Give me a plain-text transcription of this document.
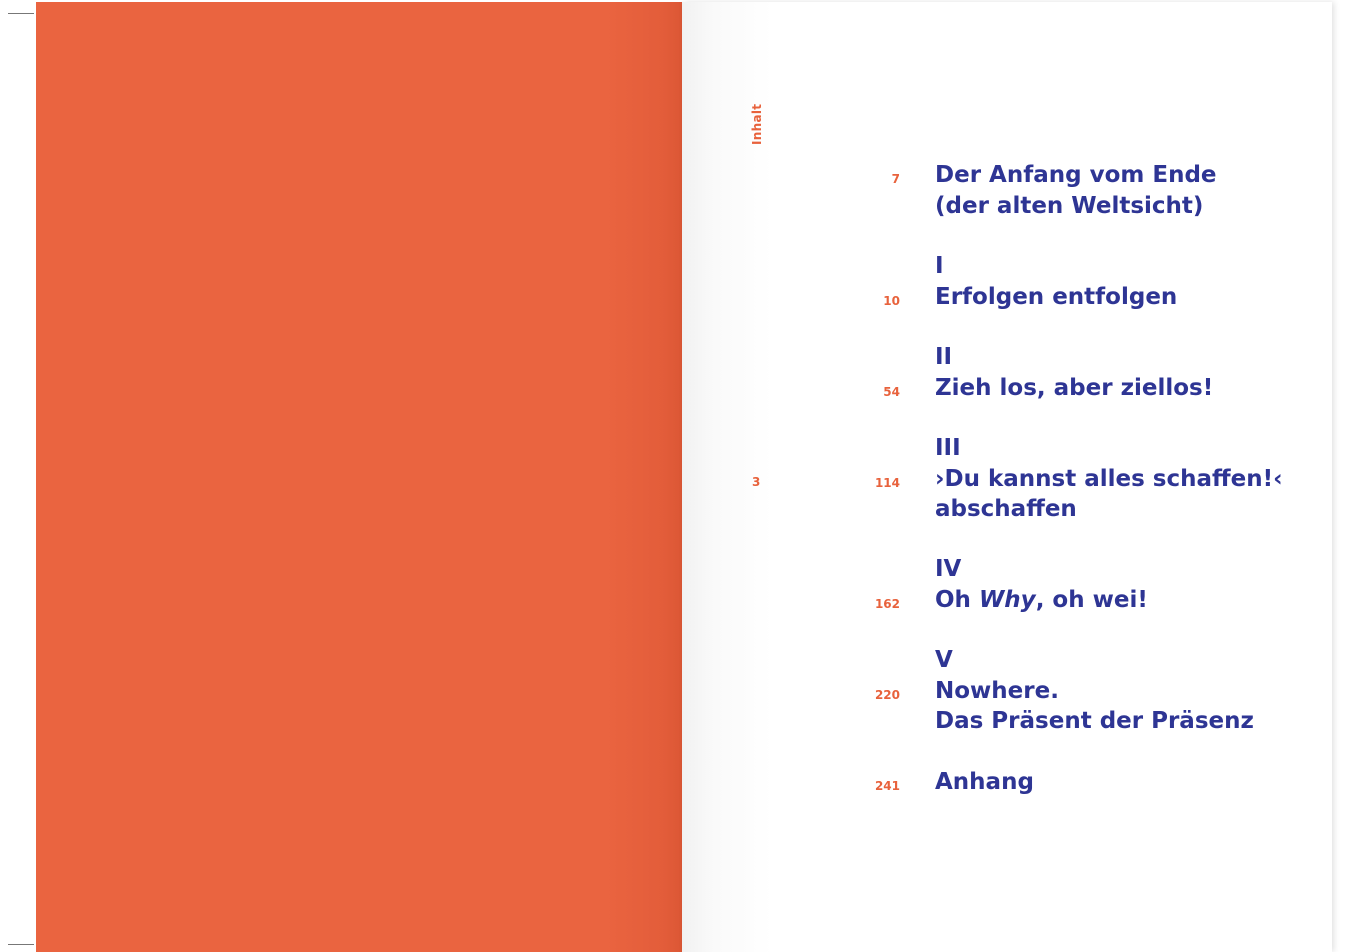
Inhalt
3
7 Der Anfang vom Ende
(der alten Weltsicht)
I
10 Erfolgen entfolgen
II
54 Zieh los, aber ziellos!
III
114 ›Du kannst alles schaffen!‹
abschaffen
IV
162 Oh Why, oh wei!
V
220 Nowhere.
Das Präsent der Präsenz
241 Anhang
